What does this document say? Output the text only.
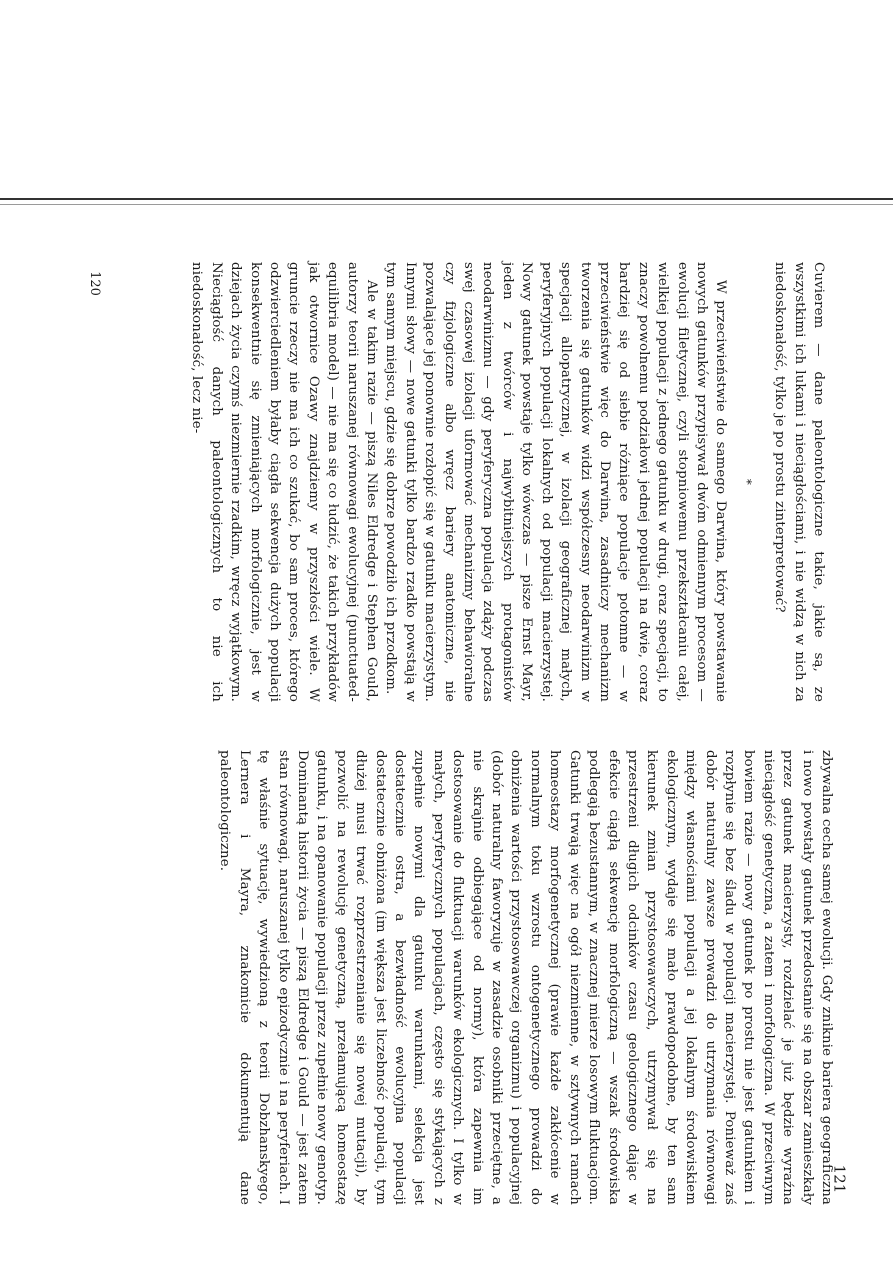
Cuvierem — dane paleontologiczne takie, jakie są, ze wszystkimi ich lukami i nieciągłościami, i nie widzą w nich za niedoskonałość, tylko je po prostu zinterpretować?

*

W przeciwieństwie do samego Darwina, który powstawanie nowych gatunków przypisywał dwóm odmiennym procesom — ewolucji filetycznej, czyli stopniowemu przekształcaniu całej, wielkiej populacji z jednego gatunku w drugi, oraz specjacji, to znaczy powolnemu podziałowi jednej populacji na dwie, coraz bardziej się od siebie różniące populacje potomne — w przeciwieństwie więc do Darwina, zasadniczy mechanizm tworzenia się gatunków widzi współczesny neodarwinizm w specjacji allopatrycznej, w izolacji geograficznej małych, peryferyjnych populacji lokalnych od populacji macierzystej. Nowy gatunek powstaje tylko wówczas — pisze Ernst Mayr, jeden z twórców i najwybitniejszych protagonistów neodarwinizmu — gdy peryferyczna populacja zdąży podczas swej czasowej izolacji uformować mechanizmy behawioralne czy fizjologiczne albo wręcz bariery anatomiczne, nie pozwalające jej ponownie rozłopić się w gatunku macierzystym. Innymi słowy — nowe gatunki tylko bardzo rzadko powstają w tym samym miejscu, gdzie się dobrze powodziło ich przodkom.

Ale w takim razie — piszą Niles Eldredge i Stephen Gould, autorzy teorii naruszanej równowagi ewolucyjnej (punctuated-equilibria model) — nie ma się co łudzić, że takich przykładów jak otwornice Ozawy znajdziemy w przyszłości wiele. W gruncie rzeczy nie ma ich co szukać, bo sam proces, którego odzwierciedleniem byłaby ciągła sekwencja dużych populacji konsekwentnie się zmieniających morfologicznie, jest w dziejach życia czymś niezmiernie rzadkim, wręcz wyjątkowym. Nieciągłość danych paleontologicznych to nie ich niedoskonałość, lecz nie-

120

zbywalna cecha samej ewolucji. Gdy zniknie bariera geograficzna i nowo powstały gatunek przedostanie się na obszar zamieszkały przez gatunek macierzysty, rozdzielać je już będzie wyraźna nieciągłość genetyczna, a zatem i morfologiczna. W przeciwnym bowiem razie — nowy gatunek po prostu nie jest gatunkiem i rozpłynie się bez śladu w populacji macierzystej. Ponieważ zaś dobór naturalny zawsze prowadzi do utrzymania równowagi między własnościami populacji a jej lokalnym środowiskiem ekologicznym, wydaje się mało prawdopodobne, by ten sam kierunek zmian przystosowawczych, utrzymywał się na przestrzeni długich odcinków czasu geologicznego dając w efekcie ciągłą sekwencję morfologiczną — wszak środowiska podlegają bezustannym, w znacznej mierze losowym fluktuacjom. Gatunki trwają więc na ogół niezmienne, w sztywnych ramach homeostazy morfogenetycznej (prawie każde zakłócenie w normalnym toku wzrostu ontogenetycznego prowadzi do obniżenia wartości przystosowawczej organizmu) i populacyjnej (dobór naturalny faworyzuje w zasadzie osobniki przeciętne, a nie skrajnie odbiegające od normy), która zapewnia im dostosowanie do fluktuacji warunków ekologicznych. I tylko w małych, peryferycznych populacjach, często się stykających z zupełnie nowymi dla gatunku warunkami, selekcja jest dostatecznie ostra, a bezwładność ewolucyjna populacji dostatecznie obniżona (im większa jest liczebność populacji, tym dłużej musi trwać rozprzestrzenianie się nowej mutacji), by pozwolić na rewolucję genetyczną, przełamującą homeostazę gatunku, i na opanowanie populacji przez zupełnie nowy genotyp. Dominantą historii życia — piszą Eldredge i Gould — jest zatem stan równowagi, naruszanej tylko epizodycznie i na peryferiach. I tę właśnie sytuację, wywiedzioną z teorii Dobzhanskyego, Lernera i Mayra, znakomicie dokumentują dane paleontologiczne.

121
